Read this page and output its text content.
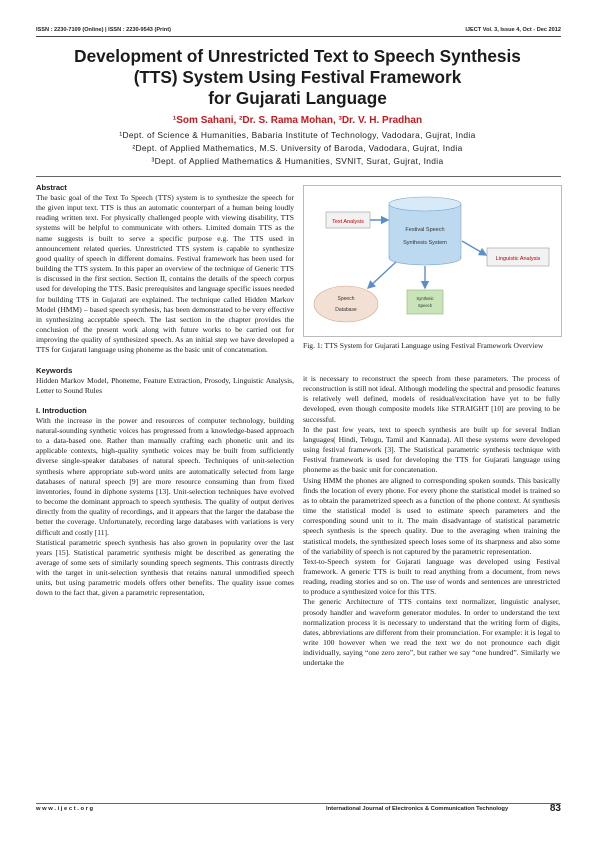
ISSN : 2230-7109 (Online) | ISSN : 2230-9543 (Print)	IJECT Vol. 3, Issue 4, Oct - Dec 2012
Development of Unrestricted Text to Speech Synthesis
(TTS) System Using Festival Framework
for Gujarati Language
¹Som Sahani, ²Dr. S. Rama Mohan, ³Dr. V. H. Pradhan
¹Dept. of Science & Humanities, Babaria Institute of Technology, Vadodara, Gujrat, India
²Dept. of Applied Mathematics, M.S. University of Baroda, Vadodara, Gujrat, India
³Dept. of Applied Mathematics & Humanities, SVNIT, Surat, Gujrat, India

Abstract

The basic goal of the Text To Speech (TTS) system is to synthesize the speech for the given input text. TTS is thus an automatic counterpart of a human being loudly reading written text. For physically challenged people with viewing disability, TTS systems will be helpful to communicate with others. Limited domain TTS as the name suggests is built to serve a specific purpose e.g. The TTS used in announcement related queries. Unrestricted TTS system is capable to synthesize good quality of speech in different domains. Festival framework has been used for building the TTS system. In this paper an overview of the technique of Generic TTS is discussed in the first section. Section II, contains the details of the speech corpus used for developing the TTS. Basic prerequisites and language specific issues needed for building TTS in Gujarati are explained. The technique called Hidden Markov Model (HMM) – based speech synthesis, has been demonstrated to be very effective in synthesizing acceptable speech. The last section in the chapter provides the conclusion of the present work along with future works to be carried out for improving the quality of synthesized speech. As an initial step we have developed a TTS for Gujarati language using phoneme as the basic unit of concatenation.

Keywords

Hidden Markov Model, Phoneme, Feature Extraction, Prosody, Linguistic Analysis, Letter to Sound Rules

I. Introduction

With the increase in the power and resources of computer technology, building natural-sounding synthetic voices has progressed from a knowledge-based approach to a data-based one. Rather than manually crafting each phonetic unit and its applicable contexts, high-quality synthetic voices may be built from sufficiently diverse single-speaker databases of natural speech. Techniques of unit-selection synthesis where appropriate sub-word units are automatically selected from large databases of natural speech [9] are more resource consuming than from fixed inventories, found in diphone systems [13]. Unit-selection techniques have evolved to become the dominant approach to speech synthesis. The quality of output derives directly from the quality of recordings, and it appears that the larger the database the better the coverage. Unfortunately, recording large databases with variations is very difficult and costly [11].

Statistical parametric speech synthesis has also grown in popularity over the last years [15]. Statistical parametric synthesis might be described as generating the average of some sets of similarly sounding speech segments. This contrasts directly with the target in unit-selection synthesis that retains natural unmodified speech units, but using parametric models offers other benefits. The quality issue comes down to the fact that, given a parametric representation,

Text Analysis
Festival Speech
Synthesis System
Linguistic Analysis
Speech
Database
Synthetic
Speech
Fig. 1: TTS System for Gujarati Language using Festival Framework Overview

it is necessary to reconstruct the speech from these parameters. The process of reconstruction is still not ideal. Although modeling the spectral and prosodic features is relatively well defined, models of residual/excitation have yet to be fully developed, even though composite models like STRAIGHT [10] are proving to be successful.

In the past few years, text to speech synthesis are built up for several Indian languages( Hindi, Telugu, Tamil and Kannada). All these systems were developed using festival framework [3]. The Statistical parametric synthesis technique with Festival framework is used for developing the TTS for Gujarati language using phoneme as the basic unit for concatenation.

Using HMM the phones are aligned to corresponding spoken sounds. This basically finds the location of every phone. For every phone the statistical model is trained so as to obtain the parametrized speech as a function of the phone context. At synthesis time the statistical model is used to estimate speech parameters and the corresponding sound unit to it. The main disadvantage of statistical parametric speech synthesis is the speech quality. Due to the averaging when training the statistical models, the synthesized speech loses some of its sharpness and also some of the variability of speech is not captured by the parametric representation.

Text-to-Speech system for Gujarati language was developed using Festival framework. A generic TTS is built to read anything from a document, from news reading, reading stories and so on. The use of words and sentences are unrestricted to produce a synthesized voice for this TTS.

The generic Architecture of TTS contains text normalizer, linguistic analyser, prosody handler and waveform generator modules. In order to understand the text normalization process it is necessary to understand that the writing form of digits, dates, abbreviations are different from their pronunciation. For example: it is legal to write 100 however when we read the text we do not pronounce each digit individually, saying “one zero zero”, but rather we say “one hundred”. Similarly we undertake the

w w w . i j e c t . o r g	International Journal of Electronics & Communication Technology	83
